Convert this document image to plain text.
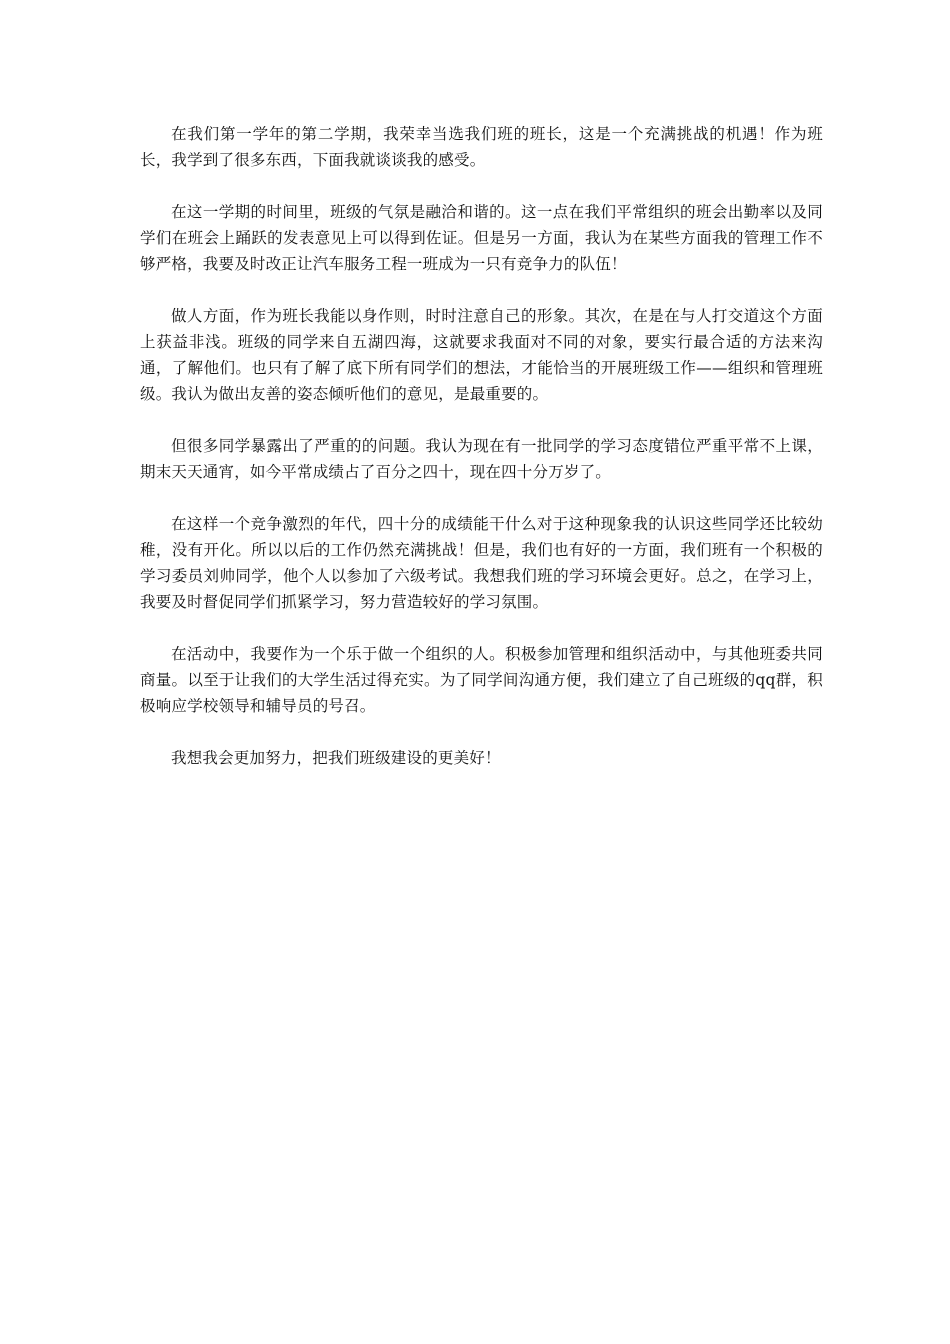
在我们第一学年的第二学期，我荣幸当选我们班的班长，这是一个充满挑战的机遇！作为班长，我学到了很多东西，下面我就谈谈我的感受。

在这一学期的时间里，班级的气氛是融洽和谐的。这一点在我们平常组织的班会出勤率以及同学们在班会上踊跃的发表意见上可以得到佐证。但是另一方面，我认为在某些方面我的管理工作不够严格，我要及时改正让汽车服务工程一班成为一只有竞争力的队伍！

做人方面，作为班长我能以身作则，时时注意自己的形象。其次，在是在与人打交道这个方面上获益非浅。班级的同学来自五湖四海，这就要求我面对不同的对象，要实行最合适的方法来沟通，了解他们。也只有了解了底下所有同学们的想法，才能恰当的开展班级工作——组织和管理班级。我认为做出友善的姿态倾听他们的意见，是最重要的。

但很多同学暴露出了严重的的问题。我认为现在有一批同学的学习态度错位严重平常不上课，期末天天通宵，如今平常成绩占了百分之四十，现在四十分万岁了。

在这样一个竞争激烈的年代，四十分的成绩能干什么对于这种现象我的认识这些同学还比较幼稚，没有开化。所以以后的工作仍然充满挑战！但是，我们也有好的一方面，我们班有一个积极的学习委员刘帅同学，他个人以参加了六级考试。我想我们班的学习环境会更好。总之，在学习上，我要及时督促同学们抓紧学习，努力营造较好的学习氛围。

在活动中，我要作为一个乐于做一个组织的人。积极参加管理和组织活动中，与其他班委共同商量。以至于让我们的大学生活过得充实。为了同学间沟通方便，我们建立了自己班级的qq群，积极响应学校领导和辅导员的号召。

我想我会更加努力，把我们班级建设的更美好！
